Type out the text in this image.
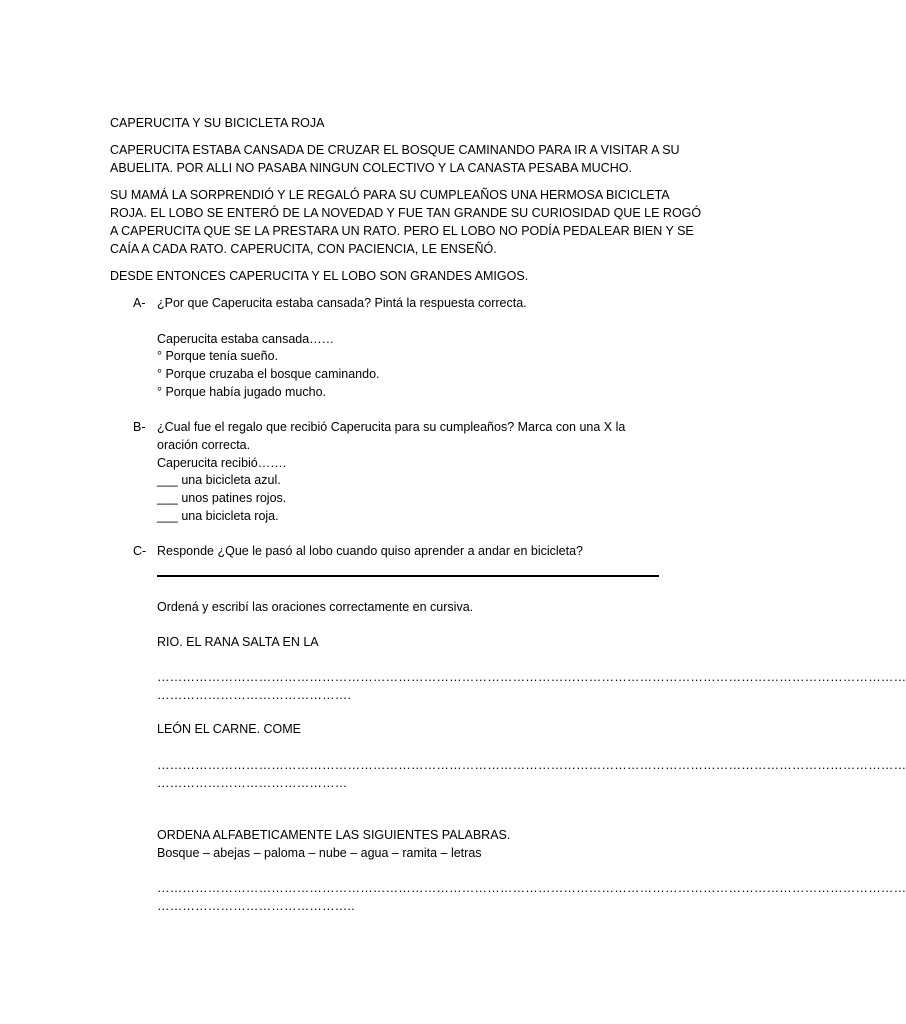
CAPERUCITA Y SU BICICLETA ROJA
CAPERUCITA ESTABA CANSADA DE CRUZAR EL BOSQUE CAMINANDO PARA IR A VISITAR A SU
ABUELITA. POR ALLI NO PASABA NINGUN COLECTIVO Y LA CANASTA PESABA MUCHO.
SU MAMÁ LA SORPRENDIÓ Y LE REGALÓ PARA SU CUMPLEAÑOS UNA HERMOSA BICICLETA
ROJA. EL LOBO SE ENTERÓ DE LA NOVEDAD Y FUE TAN GRANDE SU CURIOSIDAD QUE LE ROGÓ
A CAPERUCITA QUE SE LA PRESTARA UN RATO. PERO EL LOBO NO PODÍA PEDALEAR BIEN Y SE
CAÍA A CADA RATO. CAPERUCITA, CON PACIENCIA, LE ENSEÑÓ.
DESDE ENTONCES CAPERUCITA Y EL LOBO SON GRANDES AMIGOS.
A- ¿Por que Caperucita estaba cansada? Pintá la respuesta correcta.
Caperucita estaba cansada……
° Porque tenía sueño.
° Porque cruzaba el bosque caminando.
° Porque había jugado mucho.
B- ¿Cual fue el regalo que recibió Caperucita para su cumpleaños? Marca con una X la
oración correcta.
Caperucita recibió…….
___ una bicicleta azul.
___ unos patines rojos.
___ una bicicleta roja.
C- Responde ¿Que le pasó al lobo cuando quiso aprender a andar en bicicleta?
Ordená y escribí las oraciones correctamente en cursiva.
RIO. EL RANA SALTA EN LA
……………………………………………………………………………………………………………………………………………………………
……………………………………….
LEÓN EL CARNE. COME
……………………………………………………………………………………………………………………………………………………………
………………………………………
ORDENA ALFABETICAMENTE LAS SIGUIENTES PALABRAS.
Bosque – abejas – paloma – nube – agua – ramita – letras
……………………………………………………………………………………………………………………………………………………………
………………………………………..
